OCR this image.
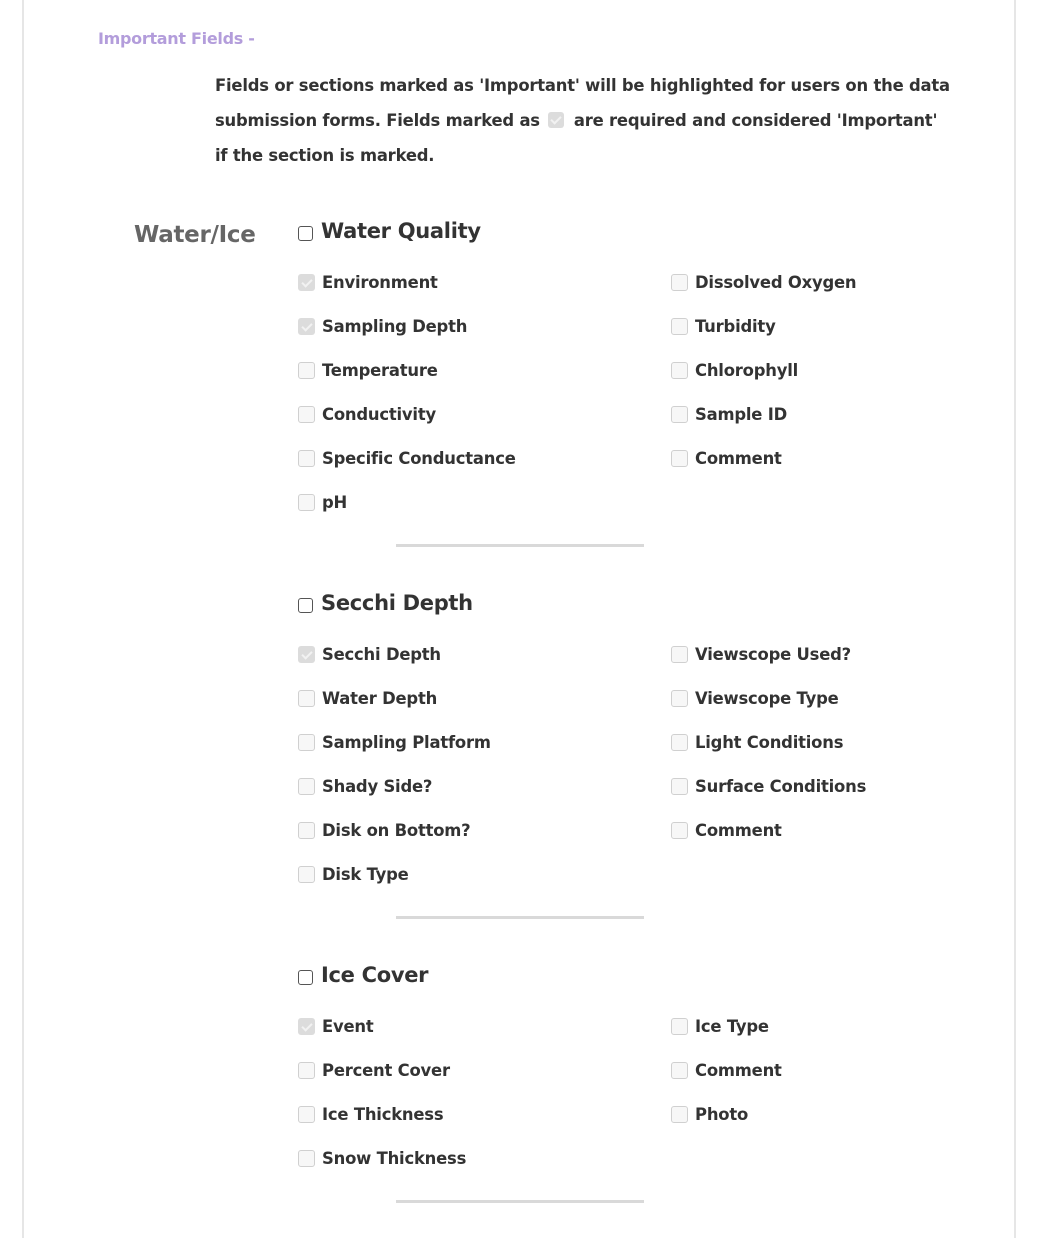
Important Fields -
Fields or sections marked as 'Important' will be highlighted for users on the data submission forms. Fields marked as are required and considered 'Important' if the section is marked.
Water/Ice	Water Quality
Environment
Sampling Depth
Temperature
Conductivity
Specific Conductance
pH
Dissolved Oxygen
Turbidity
Chlorophyll
Sample ID
Comment
Secchi Depth
Secchi Depth
Water Depth
Sampling Platform
Shady Side?
Disk on Bottom?
Disk Type
Viewscope Used?
Viewscope Type
Light Conditions
Surface Conditions
Comment
Ice Cover
Event
Percent Cover
Ice Thickness
Snow Thickness
Ice Type
Comment
Photo
